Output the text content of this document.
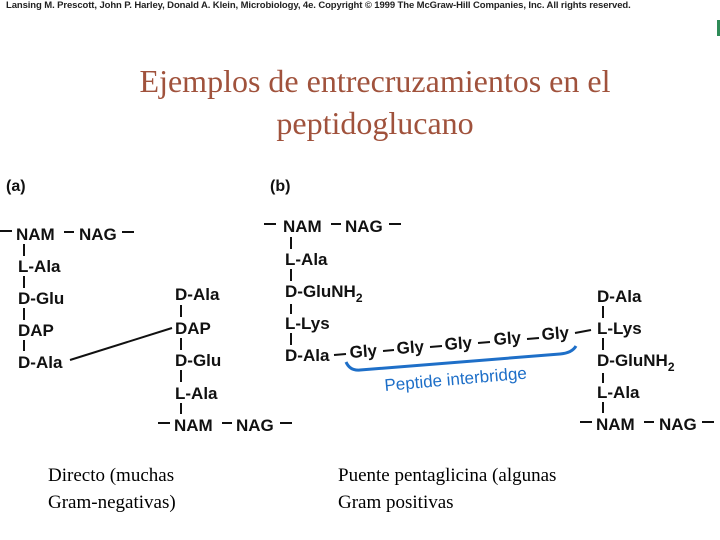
Lansing M. Prescott, John P. Harley, Donald A. Klein, Microbiology, 4e. Copyright © 1999 The McGraw-Hill Companies, Inc. All rights reserved.
Ejemplos de entrecruzamientos en el
peptidoglucano
(a)
NAM NAG
L-Ala
D-Glu
DAP
D-Ala
D-Ala
DAP
D-Glu
L-Ala
NAM NAG
(b)
NAM NAG
L-Ala
D-GluNH$_2$
L-Lys
D-Ala Gly Gly Gly Gly Gly
Peptide interbridge
D-Ala
L-Lys
D-GluNH$_2$
L-Ala
NAM NAG
Directo (muchas
Gram-negativas)
Puente pentaglicina (algunas
Gram positivas
